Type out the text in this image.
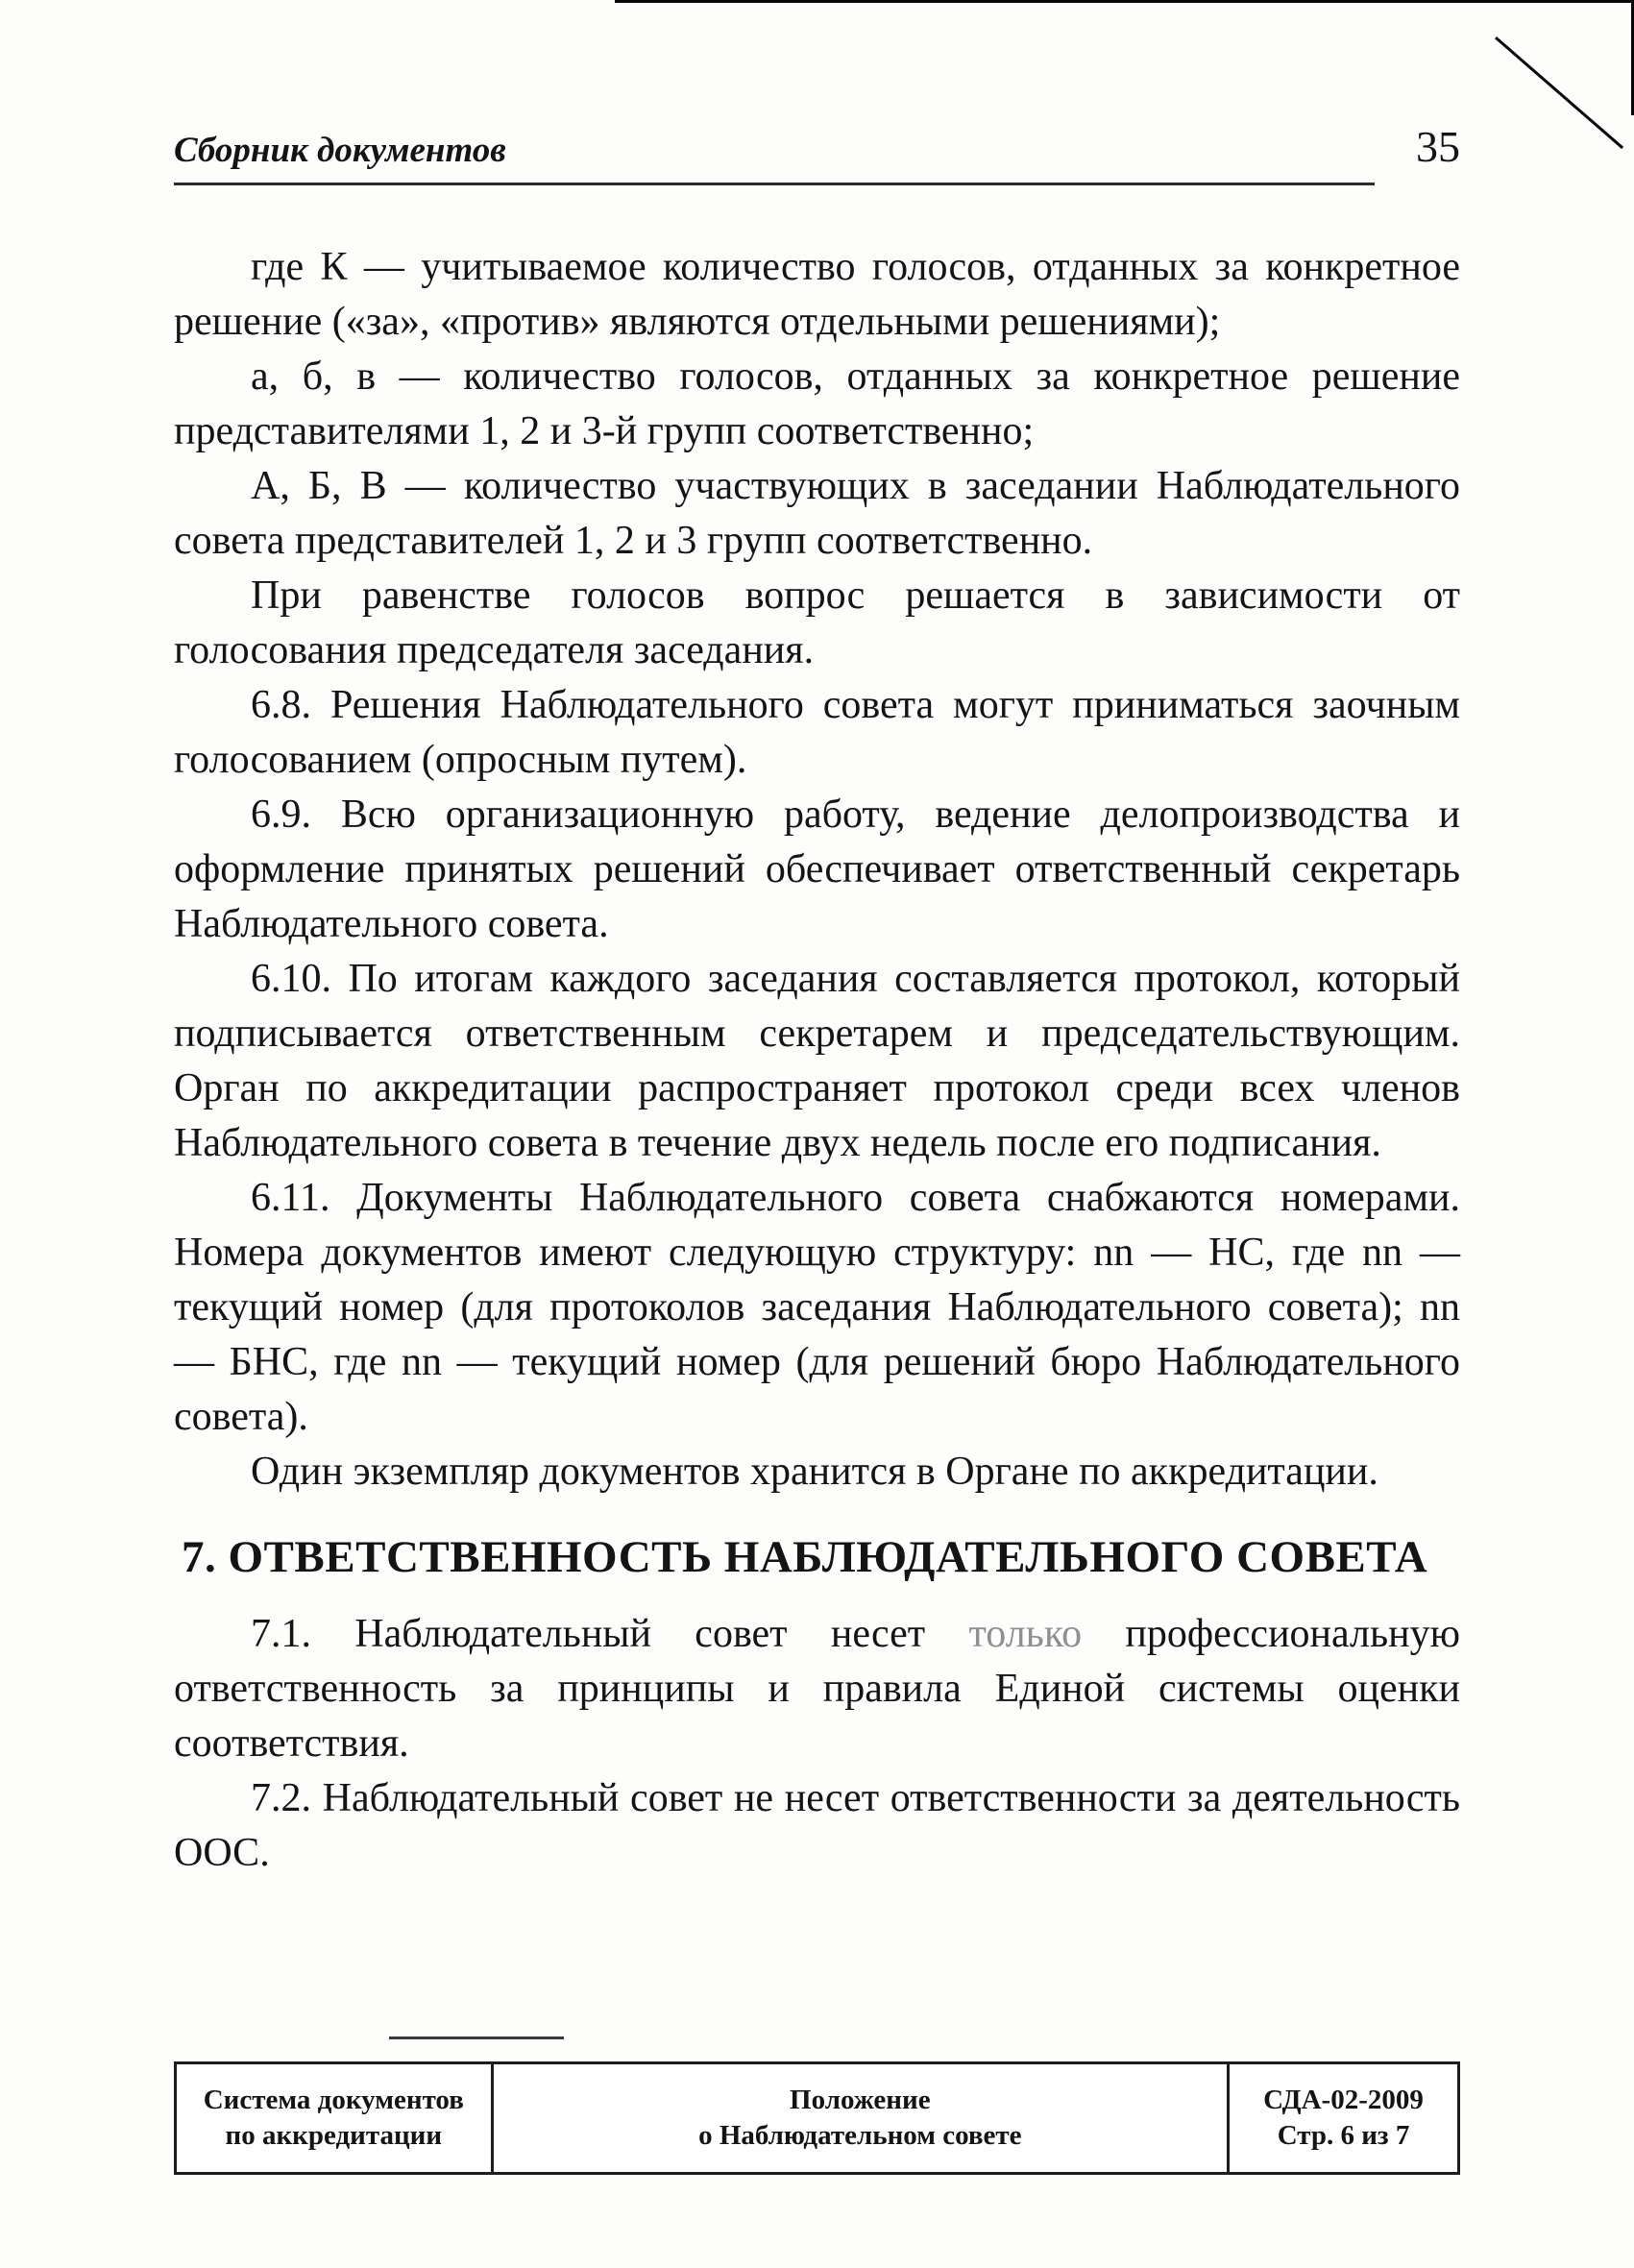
Сборник документов	35

где К — учитываемое количество голосов, отданных за конкретное решение («за», «против» являются отдельными решениями);

а, б, в — количество голосов, отданных за конкретное решение представителями 1, 2 и 3-й групп соответственно;

А, Б, В — количество участвующих в заседании Наблюдательного совета представителей 1, 2 и 3 групп соответственно.

При равенстве голосов вопрос решается в зависимости от голосования председателя заседания.

6.8. Решения Наблюдательного совета могут приниматься заочным голосованием (опросным путем).

6.9. Всю организационную работу, ведение делопроизводства и оформление принятых решений обеспечивает ответственный секретарь Наблюдательного совета.

6.10. По итогам каждого заседания составляется протокол, который подписывается ответственным секретарем и председательствующим. Орган по аккредитации распространяет протокол среди всех членов Наблюдательного совета в течение двух недель после его подписания.

6.11. Документы Наблюдательного совета снабжаются номерами. Номера документов имеют следующую структуру: nn — НС, где nn — текущий номер (для протоколов заседания Наблюдательного совета); nn — БНС, где nn — текущий номер (для решений бюро Наблюдательного совета).

Один экземпляр документов хранится в Органе по аккредитации.

7. ОТВЕТСТВЕННОСТЬ НАБЛЮДАТЕЛЬНОГО СОВЕТА

7.1. Наблюдательный совет несет только профессиональную ответственность за принципы и правила Единой системы оценки соответствия.

7.2. Наблюдательный совет не несет ответственности за деятельность ООС.

Система документов
по аккредитации
Положение
о Наблюдательном совете
СДА-02-2009
Стр. 6 из 7
